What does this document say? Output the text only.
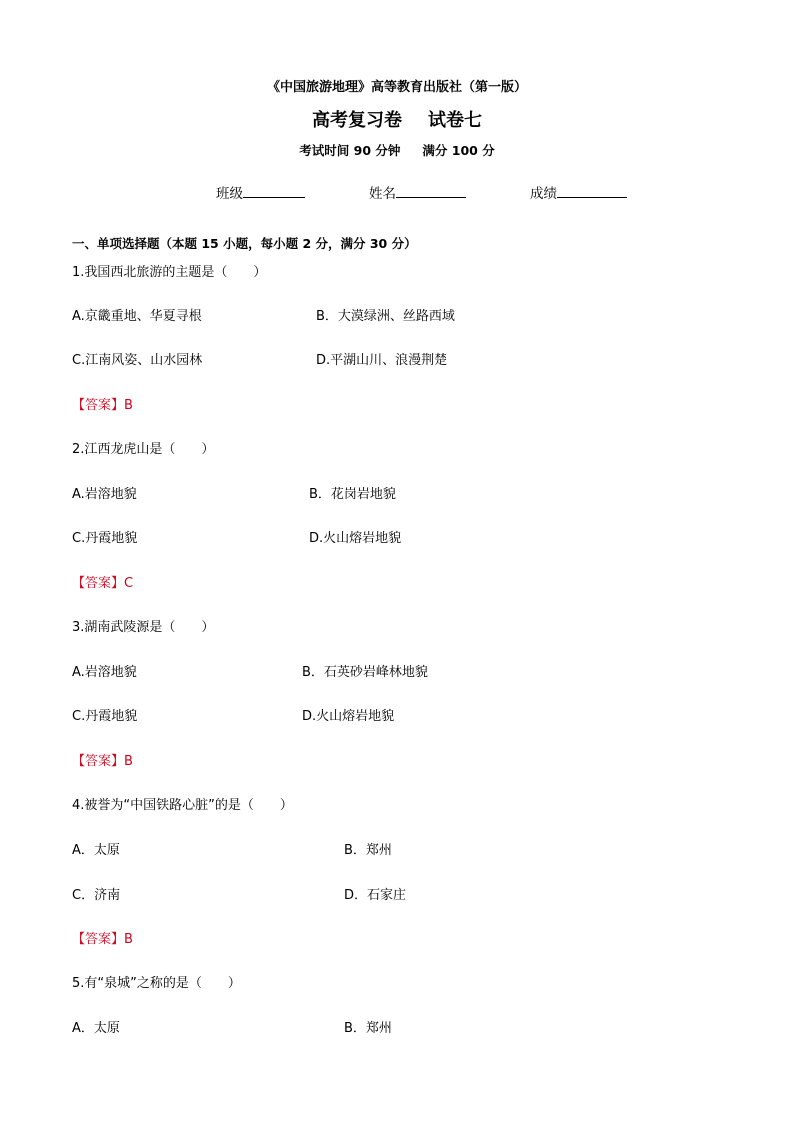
《中国旅游地理》高等教育出版社（第一版）
高考复习卷 试卷七
考试时间 90 分钟 满分 100 分
班级	姓名	成绩
一、单项选择题（本题 15 小题，每小题 2 分，满分 30 分）
1.我国西北旅游的主题是（　　）
A.京畿重地、华夏寻根	B．大漠绿洲、丝路西域
C.江南风姿、山水园林	D.平湖山川、浪漫荆楚
【答案】B
2.江西龙虎山是（　　）
A.岩溶地貌	B．花岗岩地貌
C.丹霞地貌	D.火山熔岩地貌
【答案】C
3.湖南武陵源是（　　）
A.岩溶地貌	B．石英砂岩峰林地貌
C.丹霞地貌	D.火山熔岩地貌
【答案】B
4.被誉为“中国铁路心脏”的是（　　）
A．太原	B．郑州
C．济南	D．石家庄
【答案】B
5.有“泉城”之称的是（　　）
A．太原	B．郑州
